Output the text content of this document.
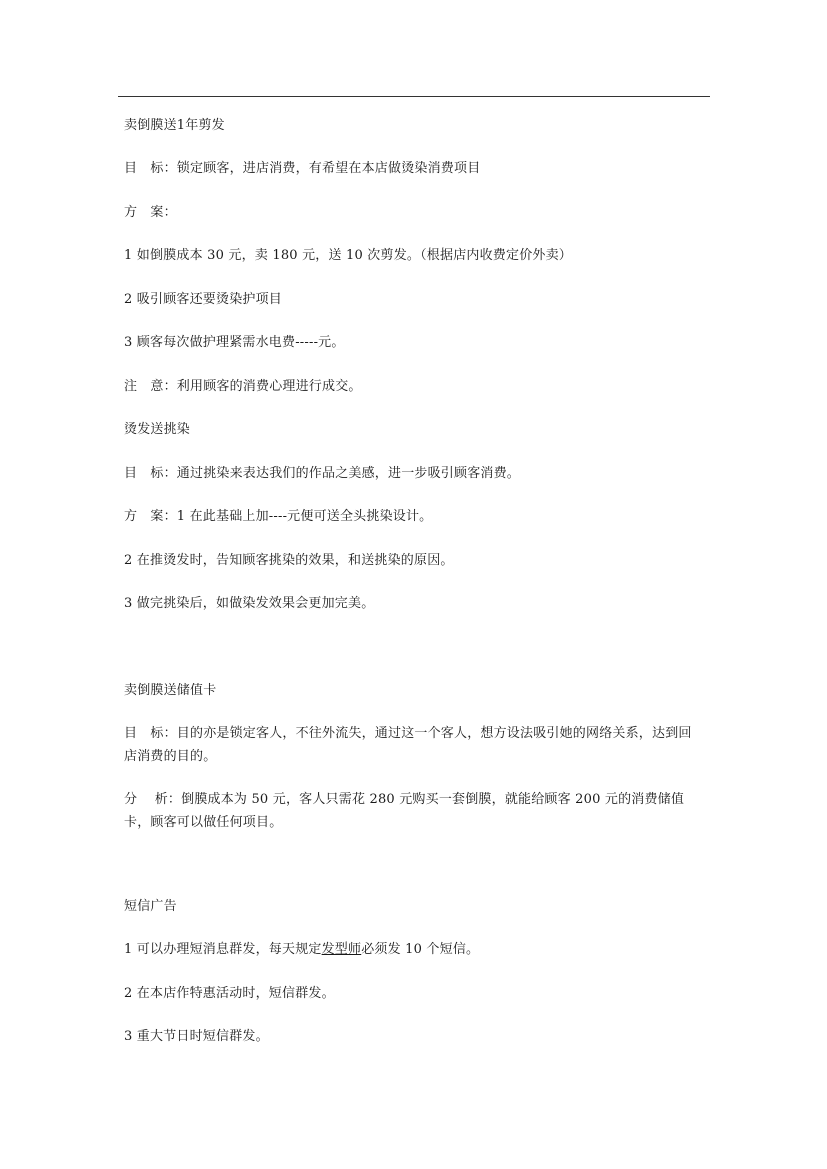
卖倒膜送1年剪发
目　标：锁定顾客，进店消费，有希望在本店做烫染消费项目
方　案：
1 如倒膜成本 30 元，卖 180 元，送 10 次剪发。（根据店内收费定价外卖）
2 吸引顾客还要烫染护项目
3 顾客每次做护理紧需水电费-----元。
注　意：利用顾客的消费心理进行成交。
烫发送挑染
目　标：通过挑染来表达我们的作品之美感，进一步吸引顾客消费。
方　案：1 在此基础上加----元便可送全头挑染设计。
2 在推烫发时，告知顾客挑染的效果，和送挑染的原因。
3 做完挑染后，如做染发效果会更加完美。
卖倒膜送储值卡
目　标：目的亦是锁定客人，不往外流失，通过这一个客人，想方设法吸引她的网络关系，达到回店消费的目的。
分　 析：倒膜成本为 50 元，客人只需花 280 元购买一套倒膜，就能给顾客 200 元的消费储值卡，顾客可以做任何项目。
短信广告
1 可以办理短消息群发，每天规定发型师必须发 10 个短信。
2 在本店作特惠活动时，短信群发。
3 重大节日时短信群发。
